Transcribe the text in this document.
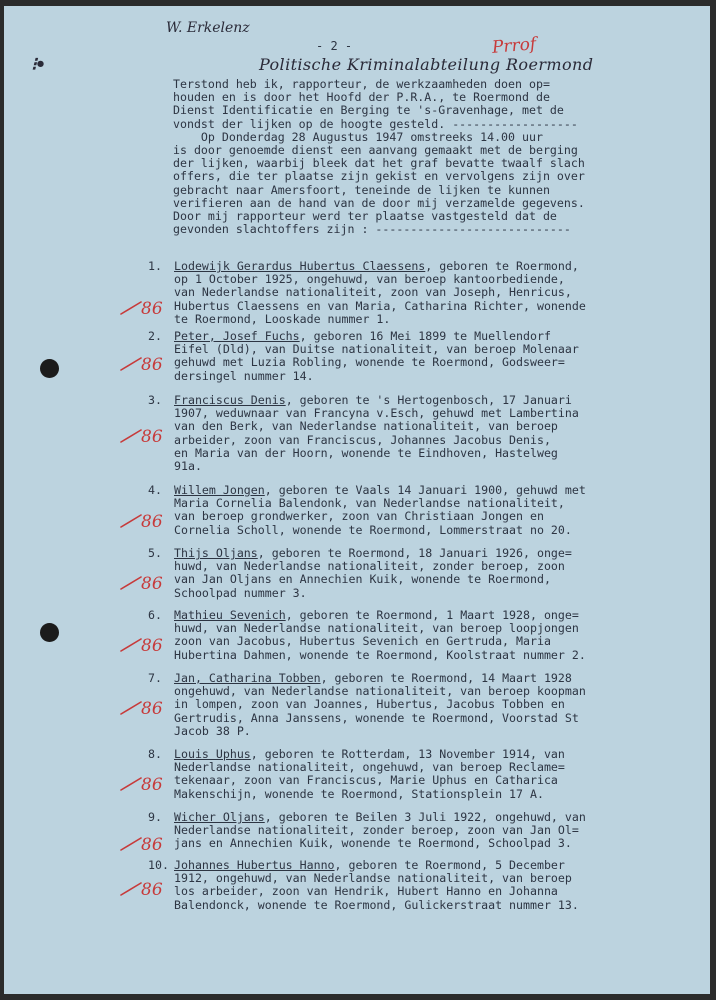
⁝•
W. Erkelenz
- 2 -
Politische Kriminalabteilung Roermond
Prrof
Terstond heb ik, rapporteur, de werkzaamheden doen op=
houden en is door het Hoofd der P.R.A., te Roermond de
Dienst Identificatie en Berging te 's-Gravenhage, met de
vondst der lijken op de hoogte gesteld. ------------------
Op Donderdag 28 Augustus 1947 omstreeks 14.00 uur
is door genoemde dienst een aanvang gemaakt met de berging
der lijken, waarbij bleek dat het graf bevatte twaalf slach
offers, die ter plaatse zijn gekist en vervolgens zijn over
gebracht naar Amersfoort, teneinde de lijken te kunnen
verifieren aan de hand van de door mij verzamelde gegevens.
Door mij rapporteur werd ter plaatse vastgesteld dat de
gevonden slachtoffers zijn : ----------------------------
1. Lodewijk Gerardus Hubertus Claessens, geboren te Roermond,
op 1 October 1925, ongehuwd, van beroep kantoorbediende,
van Nederlandse nationaliteit, zoon van Joseph, Henricus,
Hubertus Claessens en van Maria, Catharina Richter, wonende
te Roermond, Looskade nummer 1.
86
2. Peter, Josef Fuchs, geboren 16 Mei 1899 te Muellendorf
Eifel (Dld), van Duitse nationaliteit, van beroep Molenaar
gehuwd met Luzia Robling, wonende te Roermond, Godsweer=
dersingel nummer 14.
86
3. Franciscus Denis, geboren te 's Hertogenbosch, 17 Januari
1907, weduwnaar van Francyna v.Esch, gehuwd met Lambertina
van den Berk, van Nederlandse nationaliteit, van beroep
arbeider, zoon van Franciscus, Johannes Jacobus Denis,
en Maria van der Hoorn, wonende te Eindhoven, Hastelweg
91a.
86
4. Willem Jongen, geboren te Vaals 14 Januari 1900, gehuwd met
Maria Cornelia Balendonk, van Nederlandse nationaliteit,
van beroep grondwerker, zoon van Christiaan Jongen en
Cornelia Scholl, wonende te Roermond, Lommerstraat no 20.
86
5. Thijs Oljans, geboren te Roermond, 18 Januari 1926, onge=
huwd, van Nederlandse nationaliteit, zonder beroep, zoon
van Jan Oljans en Annechien Kuik, wonende te Roermond,
Schoolpad nummer 3.
86
6. Mathieu Sevenich, geboren te Roermond, 1 Maart 1928, onge=
huwd, van Nederlandse nationaliteit, van beroep loopjongen
zoon van Jacobus, Hubertus Sevenich en Gertruda, Maria
Hubertina Dahmen, wonende te Roermond, Koolstraat nummer 2.
86
7. Jan, Catharina Tobben, geboren te Roermond, 14 Maart 1928
ongehuwd, van Nederlandse nationaliteit, van beroep koopman
in lompen, zoon van Joannes, Hubertus, Jacobus Tobben en
Gertrudis, Anna Janssens, wonende te Roermond, Voorstad St
Jacob 38 P.
86
8. Louis Uphus, geboren te Rotterdam, 13 November 1914, van
Nederlandse nationaliteit, ongehuwd, van beroep Reclame=
tekenaar, zoon van Franciscus, Marie Uphus en Catharica
Makenschijn, wonende te Roermond, Stationsplein 17 A.
86
9. Wicher Oljans, geboren te Beilen 3 Juli 1922, ongehuwd, van
Nederlandse nationaliteit, zonder beroep, zoon van Jan Ol=
jans en Annechien Kuik, wonende te Roermond, Schoolpad 3.
86
10. Johannes Hubertus Hanno, geboren te Roermond, 5 December
1912, ongehuwd, van Nederlandse nationaliteit, van beroep
los arbeider, zoon van Hendrik, Hubert Hanno en Johanna
Balendonck, wonende te Roermond, Gulickerstraat nummer 13.
86
